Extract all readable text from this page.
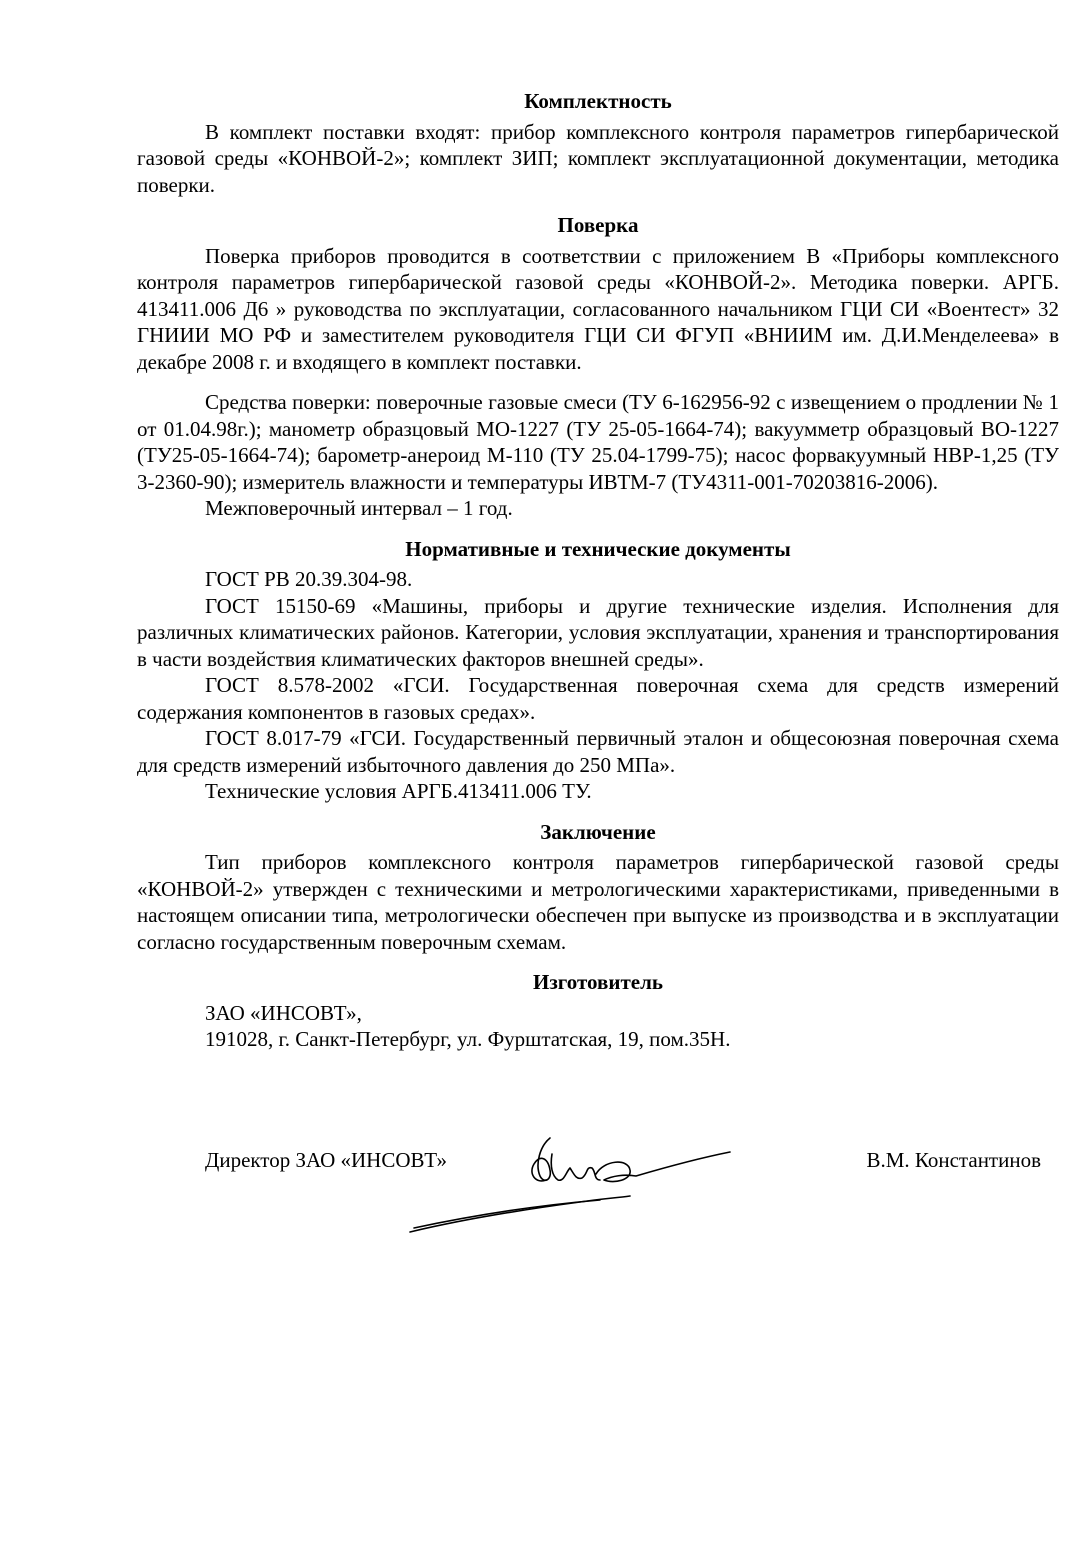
Комплектность

В комплект поставки входят: прибор комплексного контроля параметров гипербарической газовой среды «КОНВОЙ-2»; комплект ЗИП; комплект эксплуатационной документации, методика поверки.

Поверка

Поверка приборов проводится в соответствии с приложением В «Приборы комплексного контроля параметров гипербарической газовой среды «КОНВОЙ-2». Методика поверки. АРГБ. 413411.006 Д6 » руководства по эксплуатации, согласованного начальником ГЦИ СИ «Воентест» 32 ГНИИИ МО РФ и заместителем руководителя ГЦИ СИ ФГУП «ВНИИМ им. Д.И.Менделеева» в декабре 2008 г. и входящего в комплект поставки.

Средства поверки: поверочные газовые смеси (ТУ 6-162956-92 с извещением о продлении № 1 от 01.04.98г.); манометр образцовый МО-1227 (ТУ 25-05-1664-74); вакуумметр образцовый ВО-1227 (ТУ25-05-1664-74); барометр-анероид М-110 (ТУ 25.04-1799-75); насос форвакуумный НВР-1,25 (ТУ 3-2360-90); измеритель влажности и температуры ИВТМ-7 (ТУ4311-001-70203816-2006).

Межповерочный интервал – 1 год.

Нормативные и технические документы

ГОСТ РВ 20.39.304-98.

ГОСТ 15150-69 «Машины, приборы и другие технические изделия. Исполнения для различных климатических районов. Категории, условия эксплуатации, хранения и транспортирования в части воздействия климатических факторов внешней среды».

ГОСТ 8.578-2002 «ГСИ. Государственная поверочная схема для средств измерений содержания компонентов в газовых средах».

ГОСТ 8.017-79 «ГСИ. Государственный первичный эталон и общесоюзная поверочная схема для средств измерений избыточного давления до 250 МПа».

Технические условия АРГБ.413411.006 ТУ.

Заключение

Тип приборов комплексного контроля параметров гипербарической газовой среды «КОНВОЙ-2» утвержден с техническими и метрологическими характеристиками, приведенными в настоящем описании типа, метрологически обеспечен при выпуске из производства и в эксплуатации согласно государственным поверочным схемам.

Изготовитель

ЗАО «ИНСОВТ»,

191028, г. Санкт-Петербург, ул. Фурштатская, 19, пом.35Н.

Директор ЗАО «ИНСОВТ»	В.М. Константинов
